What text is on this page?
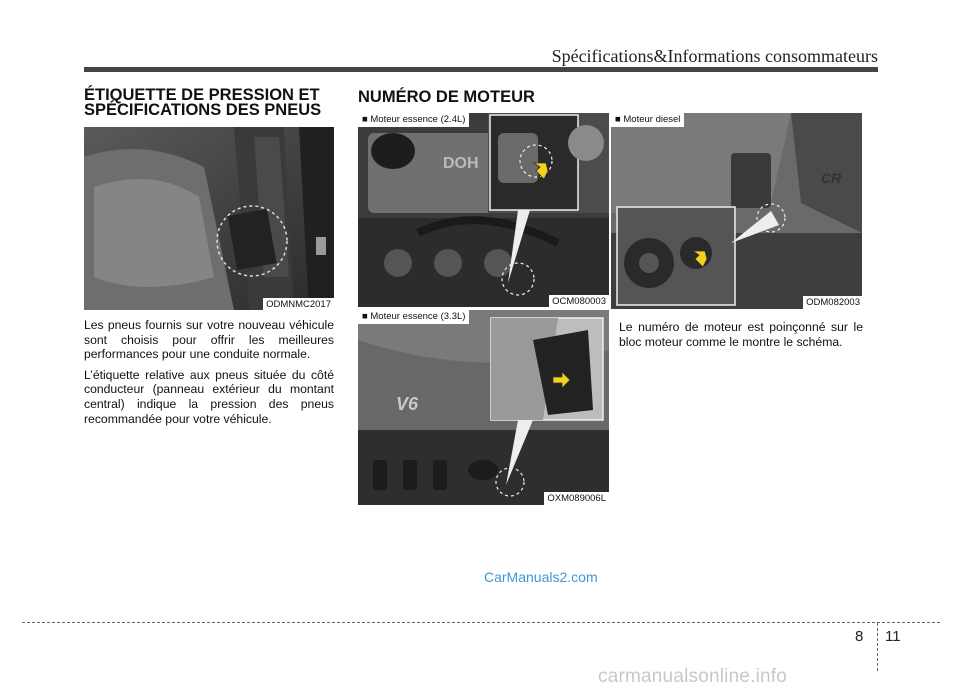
Spécifications&Informations consommateurs
ÉTIQUETTE DE PRESSION ET SPÉCIFICATIONS DES PNEUS
ODMNMC2017

Les pneus fournis sur votre nouveau véhicule sont choisis pour offrir les meilleures performances pour une conduite normale.

L’étiquette relative aux pneus située du côté conducteur (panneau extérieur du montant central) indique la pression des pneus recommandée pour votre véhicule.

NUMÉRO DE MOTEUR
DOH
■ Moteur essence (2.4L)
OCM080003
V6
■ Moteur essence (3.3L)
OXM089006L
CR
■ Moteur diesel
ODM082003
Le numéro de moteur est poinçonné sur le bloc moteur comme le montre le schéma.
CarManuals2.com
8 11
carmanualsonline.info
